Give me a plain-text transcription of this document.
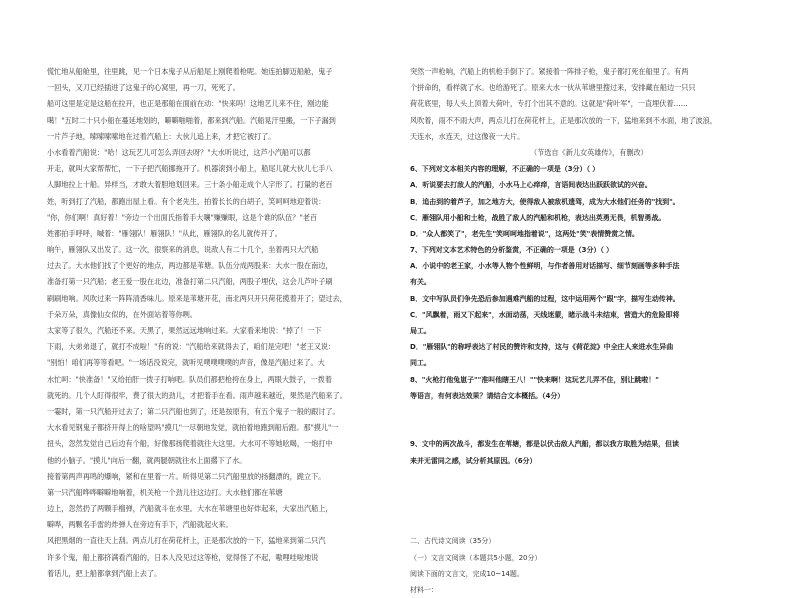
慌忙地从船舱里，往里跳，见一个日本鬼子从后船尾上刚爬着枪呢。她连拍脚迈船舱，鬼子
一回头，又刀已经插进了这鬼子的心窝里，再一刀，死死了。
船可这里是定是这船在拉开，也正是那船在面前在动："快来吗！这地艺儿来不住，刚边能
噶！"五时二十只小船在蔓延地划的，噼噼啪啪着，都来到汽船。汽船晃汗里搬，一下子漏到
一片芦子地，嗦嗦嗦嗦地在过着汽船上：大伙儿追上来，才把它被打了。
小水看着汽船说："哈！这玩艺儿可怎么弄回去呀？"大水听说过，这芦小汽船可以都
开走，就叫大家帮帮忙，一下子把汽船挪拖开了。机器滚到小船上，船尾儿就大伙儿七手八
人脚地拉上十船。异样当，才敢大着胆地划回来。三十条小船走成个人字形了。打量的老百
姓，听到打了汽船，都跑出屋上看。有个老先生，拍着长长的白胡子，笑呵呵地迎着说：
"你，你们啊！真好着！"旁边一个出面氏指着手大嚷"赚赚眼，这是个谁的队伍？"老百
姓都拍手呼呼，嘁着："雁翎队！雁翎队！"从此，雁翎队的名儿就传开了。
晌午，雁翎队又出发了。这一次，很察来的消息，说敌人有二十几个，坐着两只大汽船
过去了。大水他们找了个更好的地点，两边都是苇塘。队伍分成两股来：大水一股在南边，
准备打第一只汽船；老王爱一股在北边，准备打第二只汽船，两股子埋伏，这会儿芦叶子刷
刷刷地响。风吹过来一阵阵清香味儿。原来是苇塘开花，南北两只开只荷花揽着开了；望过去，
千朵万朵，真像仙女似的，在外面站着等你咧。
太家等了很久，汽船还不来。天黑了，果然远远地响过来。大家看来地说："掉了！一下
下雨，大弟弟退了，就打不成啦！"有的说："汽船给来就得去了，咱们是完吧！"老王又说：
"别怕！咱们再等等看吧。"一场话没说完，就听见噗噗噗噗的声音，像是汽船过来了。大
水忙呵："快准备！"又给拍肝一拨子打响吧。队员们都把枪挎在身上，两眼大鼓子，一拨着
就死的。几个人盯得很牢，费了很大的劲儿，才把着手在看。雨声越来越近，果然是汽船来了。
一霎时，第一只汽船开过去了；第二只汽船也到了，还是按原有，有五个鬼子一般的跟讨了。
大水看见钢鬼子都挤开得上的啥望吗"摸几"一尽朝地发觉，就拍着地跑到船后跑。那"摸儿"一
扭头，忽然发觉自己后边有个船，好像那扬爬着就往大这里。大水可不等她吆喝，一炮打中
他的小脑子。"摸儿"向后一翻，就两腿朝就往水上面撂下了水。
接着第两声再鸣的爆响，紧和在里着一片。听得见第二只汽船里放的扬翻漂的，跪立下。
第一只汽船哗哗噼噼地响着，机关枪一个劲儿往这边打。大水他们都在苇塘
边上，忽然扔了两颗手榴弹，汽船就斗在水里。大水在苇塘里也好炸起来，大家出汽船上，
噼哗，两颗名手雷的炸弹人在旁边有手下，汽船就起火来。
风把黑烟的一直往天上刮。两点儿打在荷花杆上，正是那次放的一下，猛地来到第二只汽
许多个鬼，船上都挤满看汽船的，日本人没见过这等枪，觉得怪了不起，嗷哩哇啦地说
着话儿，把上船都拿到汽船上去了。
突然一声枪响，汽船上的机枪手倒下了。紧接着一阵排子枪，鬼子都打死在船里了。有两
个拼命的，看样就了水。也给游死了。原来大水一伙从苇塘里搜过来，安排藏在船边一只只
荷花底里，每人头上顶着大荷叶，专打个出其不意的。这就是"荷叶军"，一直埋伏着……
风吹着，雨不不雨大声，两点儿打在荷花杆上，正是那次放的一下，猛地来到不水面，地了波浪，
天连水，水连天，过这像夜一大片。
（节选自《新儿女英雄传》，有删改）
6、下列对文本相关内容的理解，不正确的一项是（3分）（ ）
A．听说要去打敌人的汽船，小水马上心痒痒，言语间表达出跃跃欲试的兴奋。
B．追击到的着芦子，加之地方大，使得敌人被敌机遗驾，成为大水他们任务的"找到"。
C．雁翎队用小船和土枪，战胜了敌人的汽船和机枪，表达出英勇无畏，机智勇战。
D．"众人都笑了"，老先生"笑呵呵地指着说"，这两处"笑"表情赞赏之情。
7、下列对文本艺术特色的分析鉴赏，不正确的一项是（3分）（ ）
A．小说中的老王家，小水等人物个性鲜明，与作者善用对话描写、细节刻画等多种手法
有关。
B．文中写队员们争先恐后参加遇难汽船的过程，这中运用两个"跟"字，描写生动传神。
C．"风飘着，雨又下起来"，水面动荡，天线迷蒙，睹示战斗未结束，营造大的危险即将
局工。
D．"雁翎队"的称呼表达了村民的赞许和支持，这与《荷花淀》中全庄人来进水生异曲
同工。
8、"火枪打他兔崽子""准叫他瞎王八！""快来啊！这玩艺儿弄不住，别让跳啦！"
等语言，有何表达效果？请结合文本概括。（4分）
9、文中的两次战斗，都发生在苇塘，都是以伏击敌人汽船，都以我方取胜为结果，但读
来并无雷同之感，试分析其原因。（6分）
二、古代诗文阅读（35分）
（一）文言文阅读（本题共5小题，20分）
阅读下面的文言文，完成10~14题。
材料一：
